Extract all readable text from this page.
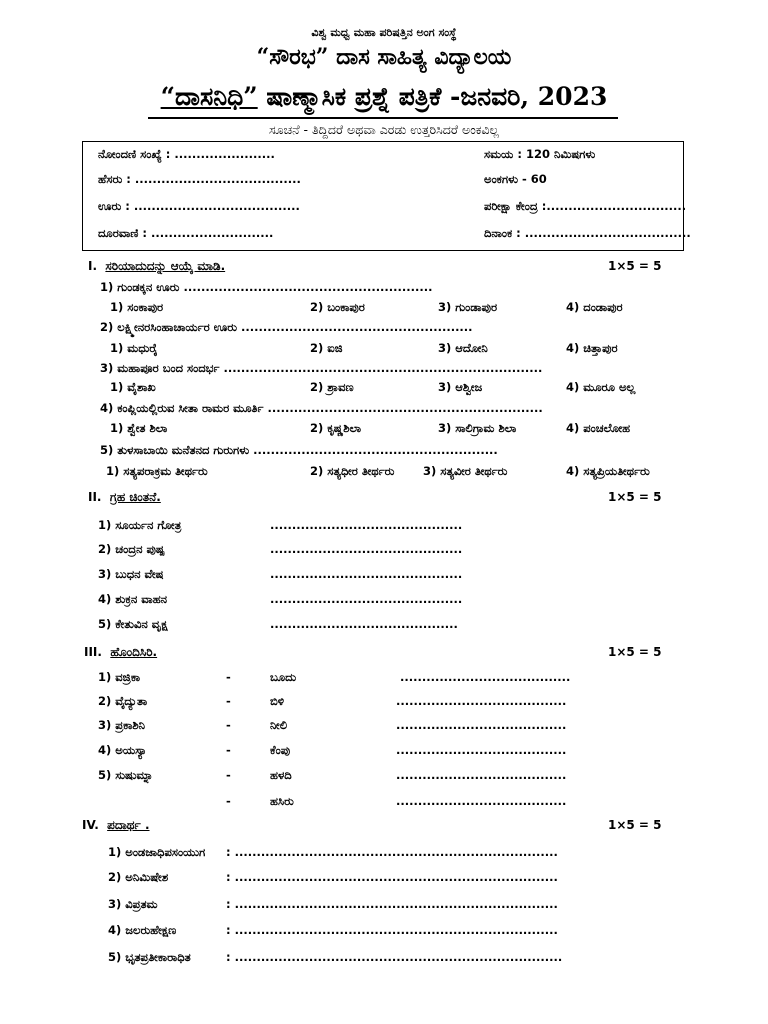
ವಿಶ್ವ ಮಧ್ವ ಮಹಾ ಪರಿಷತ್ತಿನ ಅಂಗ ಸಂಸ್ಥೆ
“ಸೌರಭ” ದಾಸ ಸಾಹಿತ್ಯ ವಿದ್ಯಾಲಯ
“ದಾಸನಿಧಿ” ಷಾಣ್ಮಾಸಿಕ ಪ್ರಶ್ನೆ ಪತ್ರಿಕೆ -ಜನವರಿ, 2023
ಸೂಚನೆ - ತಿದ್ದಿದರೆ ಅಥವಾ ಎರಡು ಉತ್ತರಿಸಿದರೆ ಅಂಕವಿಲ್ಲ
ನೋಂದಣಿ ಸಂಖ್ಯೆ : .......................	ಸಮಯ : 120 ನಿಮಿಷಗಳು
ಹೆಸರು : ......................................	ಅಂಕಗಳು - 60
ಊರು : ......................................	ಪರೀಕ್ಷಾ ಕೇಂದ್ರ :................................
ದೂರವಾಣಿ : ............................	ದಿನಾಂಕ : ......................................
I. ಸರಿಯಾದುದನ್ನು ಆಯ್ಕೆ ಮಾಡಿ.	1×5 = 5
1) ಗುಂಡಕ್ಕನ ಊರು .........................................................
1) ಸಂಕಾಪುರ	2) ಬಂಕಾಪುರ	3) ಗುಂಡಾಪುರ	4) ದಂಡಾಪುರ
2) ಲಕ್ಷ್ಮೀನರಸಿಂಹಾಚಾರ್ಯರ ಊರು .....................................................
1) ಮಧುರೈ	2) ಐಜಿ	3) ಆದೋನಿ	4) ಚಿತ್ತಾಪುರ
3) ಮಹಾಪೂರ ಬಂದ ಸಂದರ್ಭ .........................................................................
1) ವೈಶಾಖ	2) ಶ್ರಾವಣ	3) ಆಶ್ವೀಜ	4) ಮೂರೂ ಅಲ್ಲ
4) ಕಂಪ್ಲಿಯಲ್ಲಿರುವ ಸೀತಾ ರಾಮರ ಮೂರ್ತಿ ...............................................................
1) ಶ್ವೇತ ಶಿಲಾ	2) ಕೃಷ್ಣಶಿಲಾ	3) ಸಾಲಿಗ್ರಾಮ ಶಿಲಾ	4) ಪಂಚಲೋಹ
5) ತುಳಸಾಬಾಯಿ ಮನೆತನದ ಗುರುಗಳು ........................................................
1) ಸತ್ಯಪರಾಕ್ರಮ ತೀರ್ಥರು	2) ಸತ್ಯಧೀರ ತೀರ್ಥರು 3) ಸತ್ಯವೀರ ತೀರ್ಥರು	4) ಸತ್ಯಪ್ರಿಯತೀರ್ಥರು
II. ಗ್ರಹ ಚಿಂತನೆ.	1×5 = 5
1) ಸೂರ್ಯನ ಗೋತ್ರ	............................................
2) ಚಂದ್ರನ ಪುಷ್ಪ	............................................
3) ಬುಧನ ವೇಷ	............................................
4) ಶುಕ್ರನ ವಾಹನ	............................................
5) ಕೇತುವಿನ ವೃಕ್ಷ	...........................................
III. ಹೊಂದಿಸಿರಿ.	1×5 = 5
1) ವಜ್ರಿಕಾ	-	ಬೂದು	.......................................
2) ವೈದ್ಯುತಾ	-	ಬಿಳಿ	.......................................
3) ಪ್ರಕಾಶಿನಿ	-	ನೀಲಿ	.......................................
4) ಅಯಸ್ಯಾ	-	ಕೆಂಪು	.......................................
5) ಸುಷುಮ್ನಾ	-	ಹಳದಿ	.......................................
-	ಹಸಿರು	.......................................
IV. ಪದಾರ್ಥ .	1×5 = 5
1) ಅಂಡಜಾಧಿಪಸಂಯುಗ : ..........................................................................
2) ಅನಿಮಿಷೇಶ	: ..........................................................................
3) ವಿಪ್ರತಮ	: ..........................................................................
4) ಜಲರುಹೇಕ್ಷಣ	: ..........................................................................
5) ಭೃತಪ್ರತೀಕಾರಾಧಿತ	: ...........................................................................
